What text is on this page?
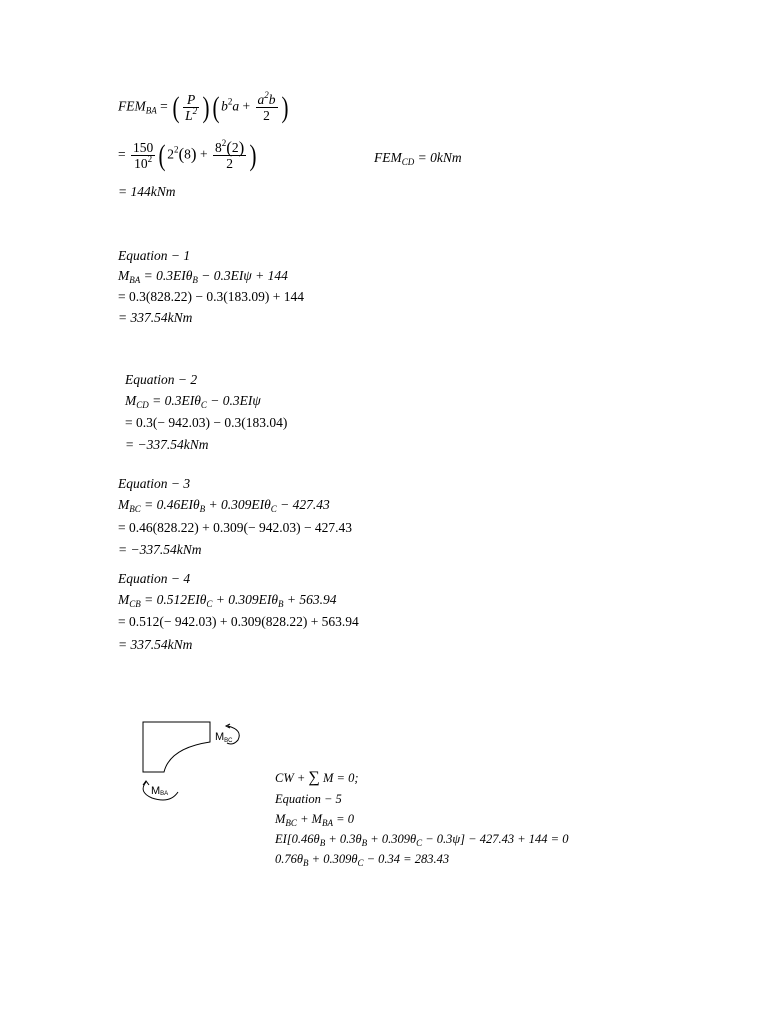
$FEM_{BA}$ = ( $\frac{P}{L^2}$ ) ( $b^2a + \frac{a^2b}{2}$ )
= $\frac{150}{10^2}$ ( $2^2(8) + \frac{8^2(2)}{2}$ )	$FEM_{CD} = 0kNm$
= 144kNm
Equation − 1
$M_{BA} = 0.3EI\theta_B - 0.3EI\psi + 144$
= 0.3(828.22) − 0.3(183.09) + 144
= 337.54kNm
Equation − 2
$M_{CD} = 0.3EI\theta_C - 0.3EI\psi$
= 0.3(− 942.03) − 0.3(183.04)
= −337.54kNm
Equation − 3
$M_{BC} = 0.46EI\theta_B + 0.309EI\theta_C - 427.43$
= 0.46(828.22) + 0.309(− 942.03) − 427.43
= −337.54kNm
Equation − 4
$M_{CB} = 0.512EI\theta_C + 0.309EI\theta_B + 563.94$
= 0.512(− 942.03) + 0.309(828.22) + 563.94
= 337.54kNm
MBC
MBA
CW + ∑ M = 0;
Equation − 5
$M_{BC} + M_{BA} = 0$
$EI[0.46\theta_B + 0.3\theta_B + 0.309\theta_C - 0.3\psi] - 427.43 + 144 = 0$
$0.76\theta_B + 0.309\theta_C - 0.34 = 283.43$
